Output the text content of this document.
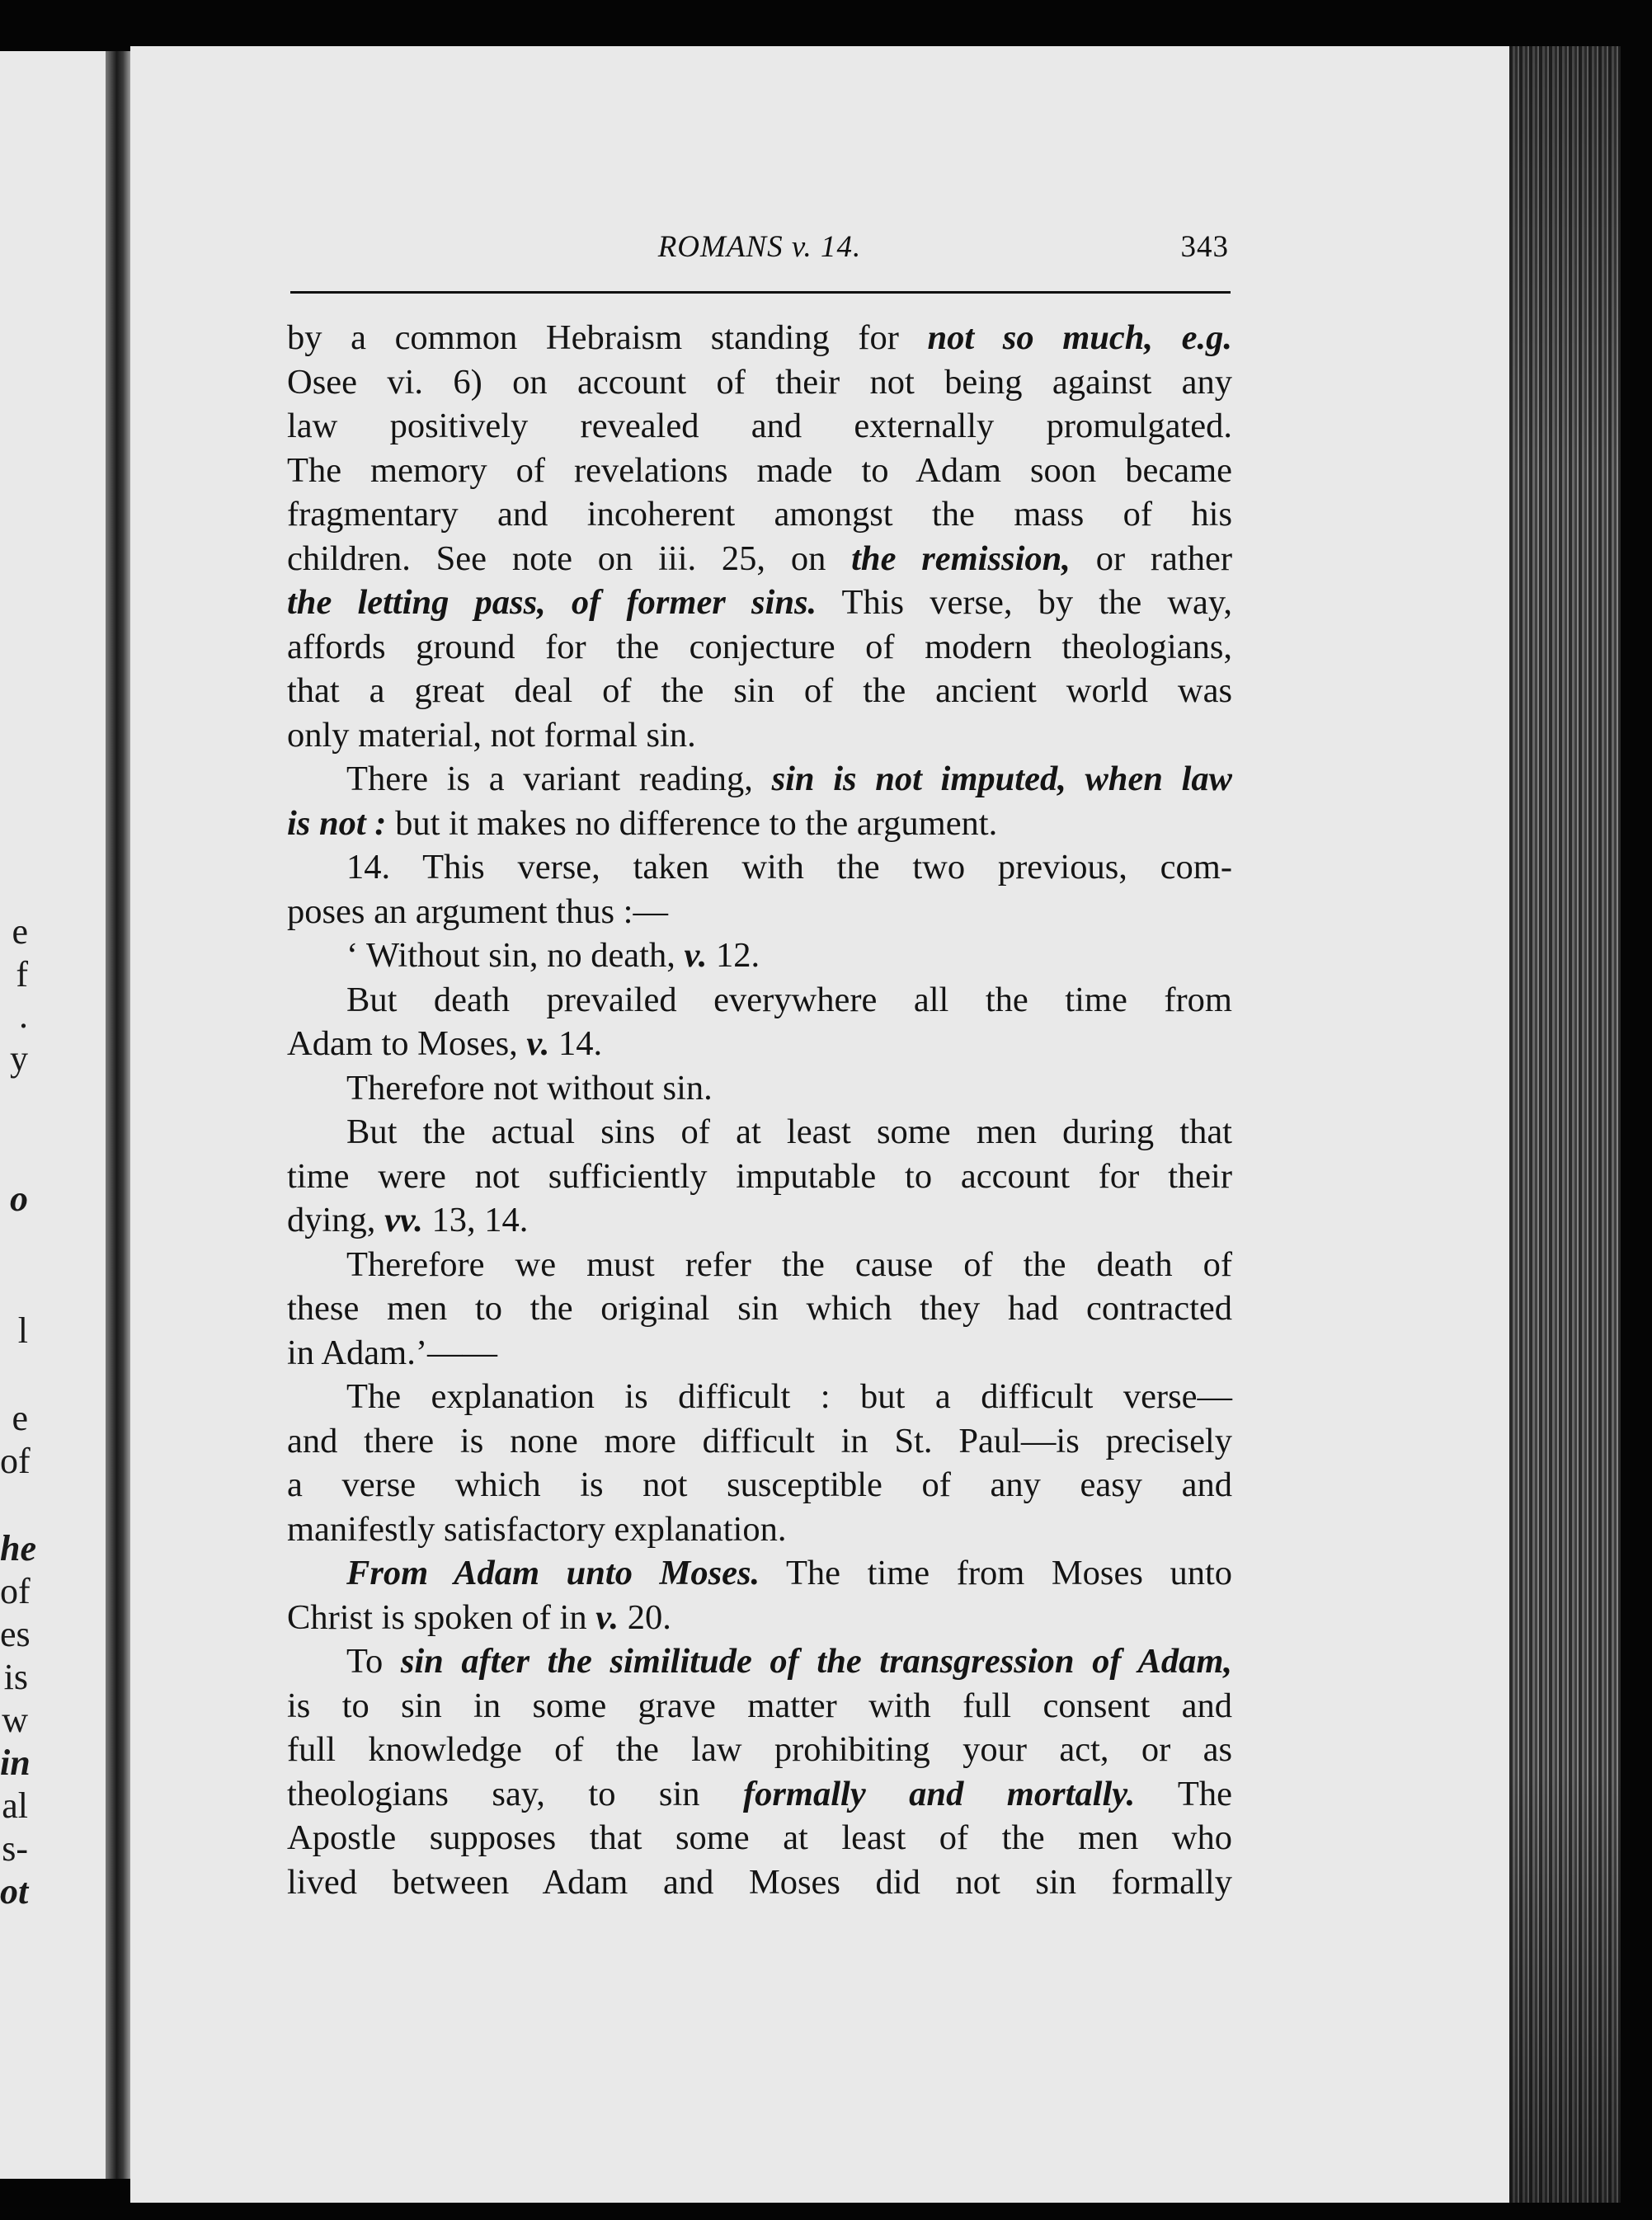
e
f
.
y
o
l
e
of
he
of
es
is
w
in
al
s-
ot
ROMANS v. 14.	343
by a common Hebraism standing for not so much, e.g.
Osee vi. 6) on account of their not being against any
law positively revealed and externally promulgated.
The memory of revelations made to Adam soon became
fragmentary and incoherent amongst the mass of his
children. See note on iii. 25, on the remission, or rather
the letting pass, of former sins. This verse, by the way,
affords ground for the conjecture of modern theologians,
that a great deal of the sin of the ancient world was
only material, not formal sin.
There is a variant reading, sin is not imputed, when law
is not : but it makes no difference to the argument.
14. This verse, taken with the two previous, com-
poses an argument thus :—
‘ Without sin, no death, v. 12.
But death prevailed everywhere all the time from
Adam to Moses, v. 14.
Therefore not without sin.
But the actual sins of at least some men during that
time were not sufficiently imputable to account for their
dying, vv. 13, 14.
Therefore we must refer the cause of the death of
these men to the original sin which they had contracted
in Adam.’——
The explanation is difficult : but a difficult verse—
and there is none more difficult in St. Paul—is precisely
a verse which is not susceptible of any easy and
manifestly satisfactory explanation.
From Adam unto Moses. The time from Moses unto
Christ is spoken of in v. 20.
To sin after the similitude of the transgression of Adam,
is to sin in some grave matter with full consent and
full knowledge of the law prohibiting your act, or as
theologians say, to sin formally and mortally. The
Apostle supposes that some at least of the men who
lived between Adam and Moses did not sin formally
